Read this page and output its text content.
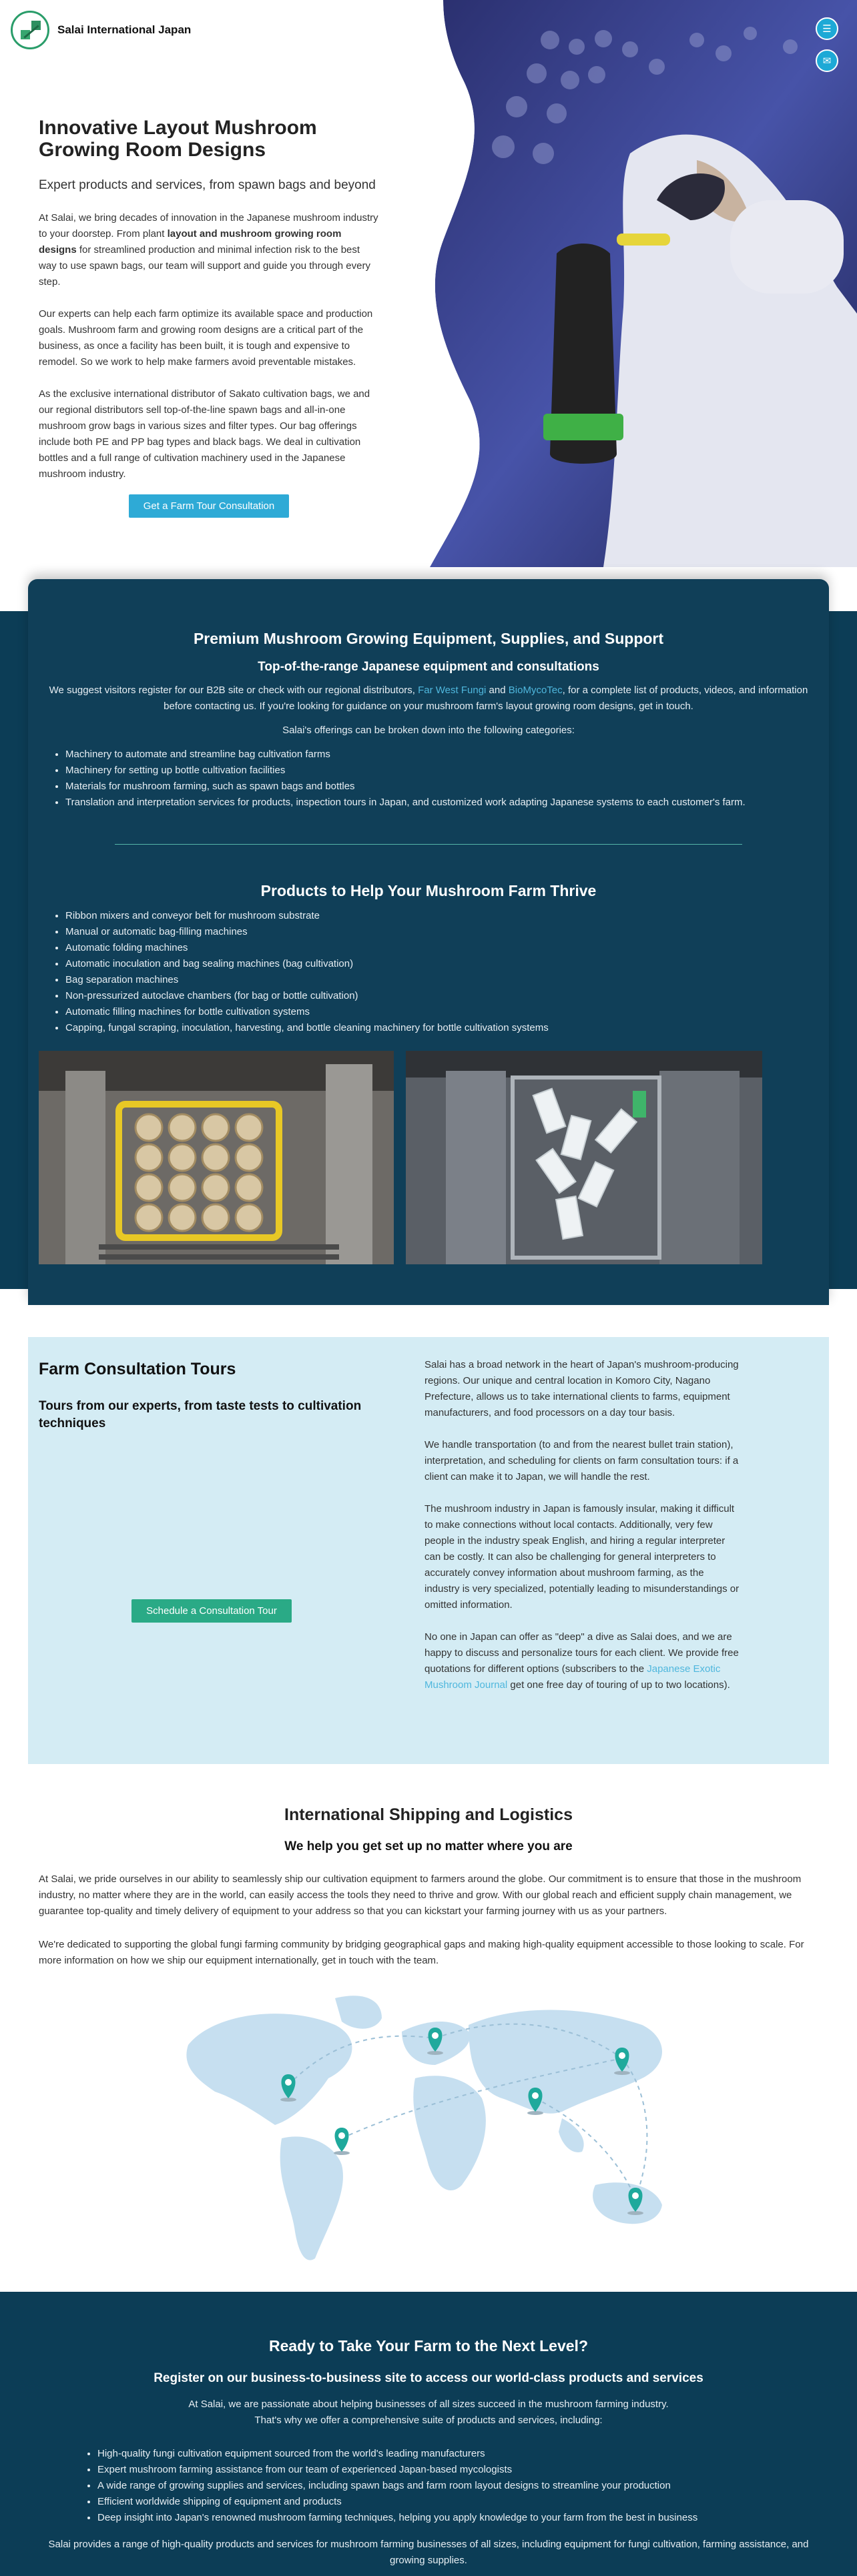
Salai International Japan	☰
✉
Innovative Layout Mushroom Growing Room Designs
Expert products and services, from spawn bags and beyond

At Salai, we bring decades of innovation in the Japanese mushroom industry to your doorstep. From plant layout and mushroom growing room designs for streamlined production and minimal infection risk to the best way to use spawn bags, our team will support and guide you through every step.

Our experts can help each farm optimize its available space and production goals. Mushroom farm and growing room designs are a critical part of the business, as once a facility has been built, it is tough and expensive to remodel. So we work to help make farmers avoid preventable mistakes.

As the exclusive international distributor of Sakato cultivation bags, we and our regional distributors sell top-of-the-line spawn bags and all-in-one mushroom grow bags in various sizes and filter types. Our bag offerings include both PE and PP bag types and black bags. We deal in cultivation bottles and a full range of cultivation machinery used in the Japanese mushroom industry.

Get a Farm Tour Consultation
Premium Mushroom Growing Equipment, Supplies, and Support
Top-of-the-range Japanese equipment and consultations

We suggest visitors register for our B2B site or check with our regional distributors, Far West Fungi and BioMycoTec, for a complete list of products, videos, and information before contacting us. If you're looking for guidance on your mushroom farm's layout growing room designs, get in touch.

Salai's offerings can be broken down into the following categories:

• Machinery to automate and streamline bag cultivation farms
• Machinery for setting up bottle cultivation facilities
• Materials for mushroom farming, such as spawn bags and bottles
• Translation and interpretation services for products, inspection tours in Japan, and customized work adapting Japanese systems to each customer's farm.
Products to Help Your Mushroom Farm Thrive
• Ribbon mixers and conveyor belt for mushroom substrate
• Manual or automatic bag-filling machines
• Automatic folding machines
• Automatic inoculation and bag sealing machines (bag cultivation)
• Bag separation machines
• Non-pressurized autoclave chambers (for bag or bottle cultivation)
• Automatic filling machines for bottle cultivation systems
• Capping, fungal scraping, inoculation, harvesting, and bottle cleaning machinery for bottle cultivation systems
Farm Consultation Tours
Tours from our experts, from taste tests to cultivation techniques
Schedule a Consultation Tour

Salai has a broad network in the heart of Japan's mushroom-producing regions. Our unique and central location in Komoro City, Nagano Prefecture, allows us to take international clients to farms, equipment manufacturers, and food processors on a day tour basis.

We handle transportation (to and from the nearest bullet train station), interpretation, and scheduling for clients on farm consultation tours: if a client can make it to Japan, we will handle the rest.

The mushroom industry in Japan is famously insular, making it difficult to make connections without local contacts. Additionally, very few people in the industry speak English, and hiring a regular interpreter can be costly. It can also be challenging for general interpreters to accurately convey information about mushroom farming, as the industry is very specialized, potentially leading to misunderstandings or omitted information.

No one in Japan can offer as "deep" a dive as Salai does, and we are happy to discuss and personalize tours for each client. We provide free quotations for different options (subscribers to the Japanese Exotic Mushroom Journal get one free day of touring of up to two locations).

International Shipping and Logistics
We help you get set up no matter where you are

At Salai, we pride ourselves in our ability to seamlessly ship our cultivation equipment to farmers around the globe. Our commitment is to ensure that those in the mushroom industry, no matter where they are in the world, can easily access the tools they need to thrive and grow. With our global reach and efficient supply chain management, we guarantee top-quality and timely delivery of equipment to your address so that you can kickstart your farming journey with us as your partners.

We're dedicated to supporting the global fungi farming community by bridging geographical gaps and making high-quality equipment accessible to those looking to scale. For more information on how we ship our equipment internationally, get in touch with the team.

Ready to Take Your Farm to the Next Level?
Register on our business-to-business site to access our world-class products and services

At Salai, we are passionate about helping businesses of all sizes succeed in the mushroom farming industry.
That's why we offer a comprehensive suite of products and services, including:

• High-quality fungi cultivation equipment sourced from the world's leading manufacturers
• Expert mushroom farming assistance from our team of experienced Japan-based mycologists
• A wide range of growing supplies and services, including spawn bags and farm room layout designs to streamline your production
• Efficient worldwide shipping of equipment and products
• Deep insight into Japan's renowned mushroom farming techniques, helping you apply knowledge to your farm from the best in business

Salai provides a range of high-quality products and services for mushroom farming businesses of all sizes, including equipment for fungi cultivation, farming assistance, and growing supplies.
